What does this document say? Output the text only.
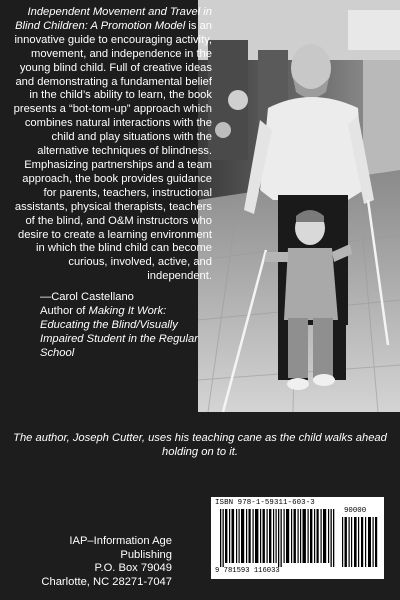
Independent Movement and Travel in Blind Children: A Promotion Model is an innovative guide to encouraging activity, movement, and independence in the young blind child. Full of creative ideas and demonstrating a fundamental belief in the child’s ability to learn, the book presents a “bot-tom-up” approach which combines natural interactions with the child and play situations with the alternative techniques of blindness. Emphasizing partnerships and a team approach, the book provides guidance for parents, teachers, instructional assistants, physical therapists, teachers of the blind, and O&M instructors who desire to create a learning environment in which the blind child can become curious, involved, active, and independent.
—Carol Castellano
Author of Making It Work: Educating the Blind/Visually Impaired Student in the Regular School
The author, Joseph Cutter, uses his teaching cane as the child walks ahead holding on to it.
IAP–Information Age Publishing
P.O. Box 79049
Charlotte, NC 28271-7047
ISBN 978-1-59311-603-3
90000
9 781593 116033
